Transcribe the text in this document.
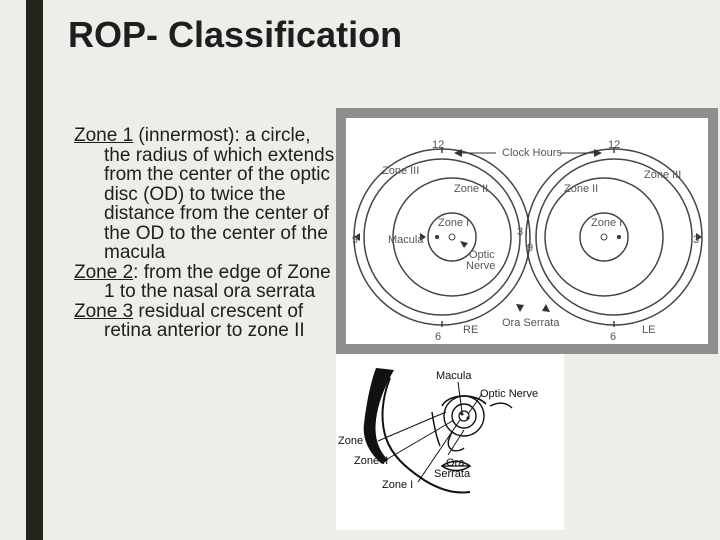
ROP- Classification

Zone 1 (innermost): a circle, the radius of which extends from the center of the optic disc (OD) to twice the distance from the center of the OD to the center of the macula

Zone 2: from the edge of Zone 1 to the nasal ora serrata

Zone 3 residual crescent of retina anterior to zone II

Macula
Optic Nerve
Zone III
Zone II
Zone I
Ora
Serrata
Clock Hours
Ora Serrata
RE	LE
Zone III	Zone III
Zone II	Zone II
Zone I	Zone I
Macula
Optic
Nerve
12	12
9
9
3
3
6	6
